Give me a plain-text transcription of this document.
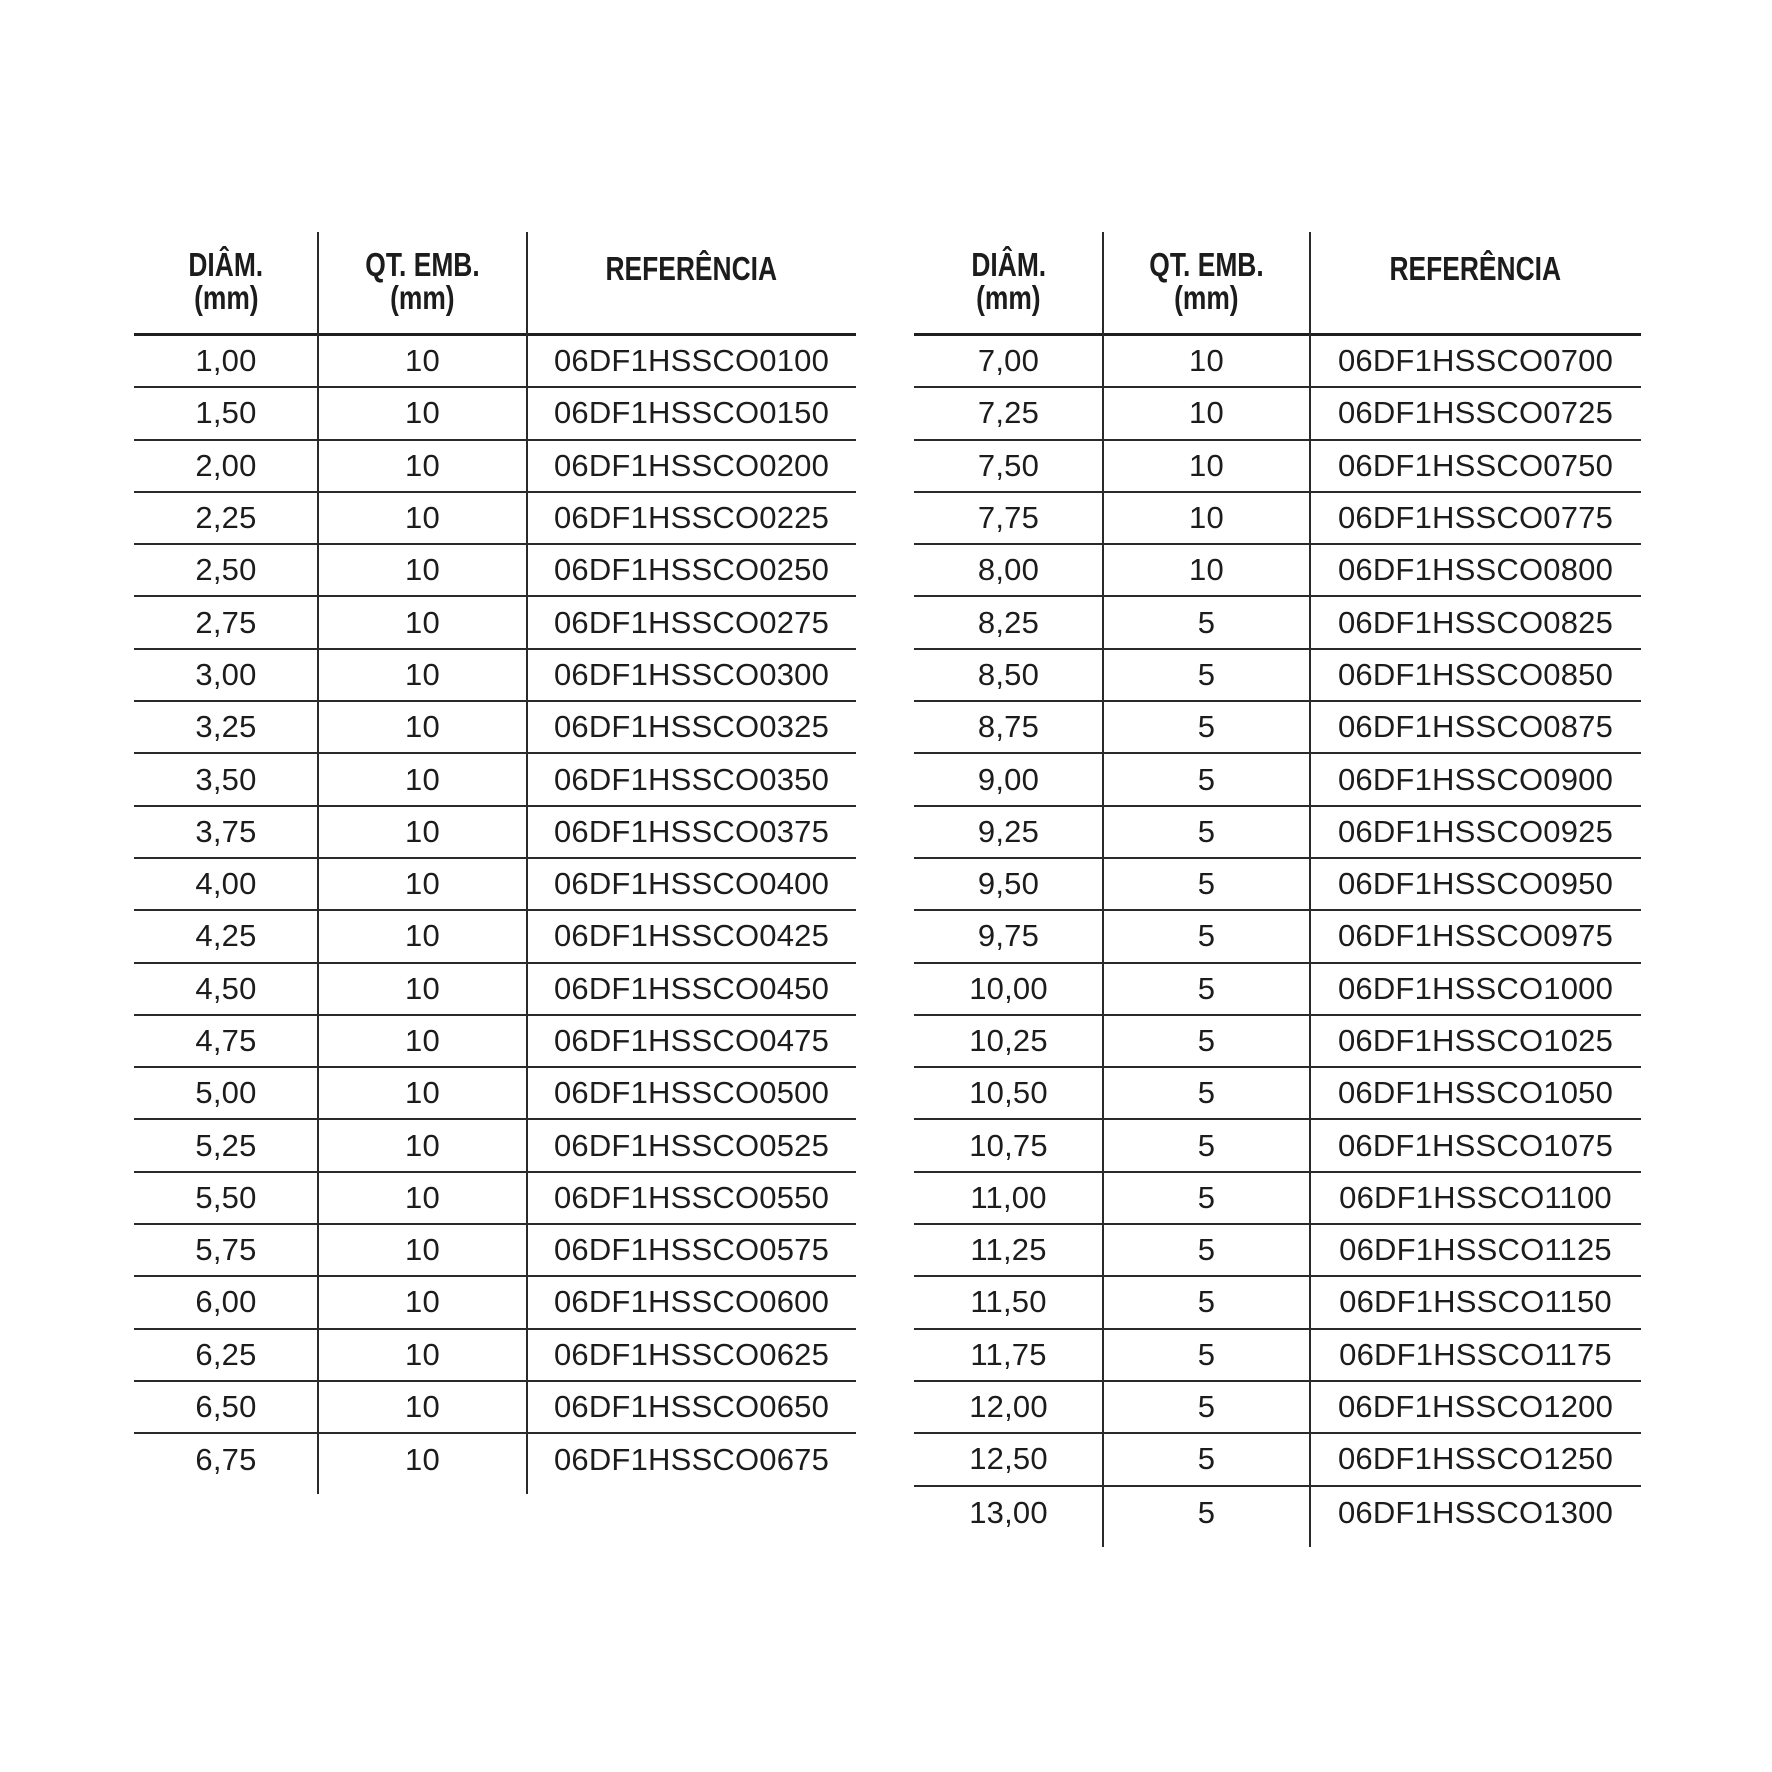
DIÂM.
(mm)
QT. EMB.
(mm)
REFERÊNCIA
1,00	10	06DF1HSSCO0100
1,50	10	06DF1HSSCO0150
2,00	10	06DF1HSSCO0200
2,25	10	06DF1HSSCO0225
2,50	10	06DF1HSSCO0250
2,75	10	06DF1HSSCO0275
3,00	10	06DF1HSSCO0300
3,25	10	06DF1HSSCO0325
3,50	10	06DF1HSSCO0350
3,75	10	06DF1HSSCO0375
4,00	10	06DF1HSSCO0400
4,25	10	06DF1HSSCO0425
4,50	10	06DF1HSSCO0450
4,75	10	06DF1HSSCO0475
5,00	10	06DF1HSSCO0500
5,25	10	06DF1HSSCO0525
5,50	10	06DF1HSSCO0550
5,75	10	06DF1HSSCO0575
6,00	10	06DF1HSSCO0600
6,25	10	06DF1HSSCO0625
6,50	10	06DF1HSSCO0650
6,75	10	06DF1HSSCO0675
DIÂM.
(mm)
QT. EMB.
(mm)
REFERÊNCIA
7,00	10	06DF1HSSCO0700
7,25	10	06DF1HSSCO0725
7,50	10	06DF1HSSCO0750
7,75	10	06DF1HSSCO0775
8,00	10	06DF1HSSCO0800
8,25	5	06DF1HSSCO0825
8,50	5	06DF1HSSCO0850
8,75	5	06DF1HSSCO0875
9,00	5	06DF1HSSCO0900
9,25	5	06DF1HSSCO0925
9,50	5	06DF1HSSCO0950
9,75	5	06DF1HSSCO0975
10,00	5	06DF1HSSCO1000
10,25	5	06DF1HSSCO1025
10,50	5	06DF1HSSCO1050
10,75	5	06DF1HSSCO1075
11,00	5	06DF1HSSCO1100
11,25	5	06DF1HSSCO1125
11,50	5	06DF1HSSCO1150
11,75	5	06DF1HSSCO1175
12,00	5	06DF1HSSCO1200
12,50	5	06DF1HSSCO1250
13,00	5	06DF1HSSCO1300
